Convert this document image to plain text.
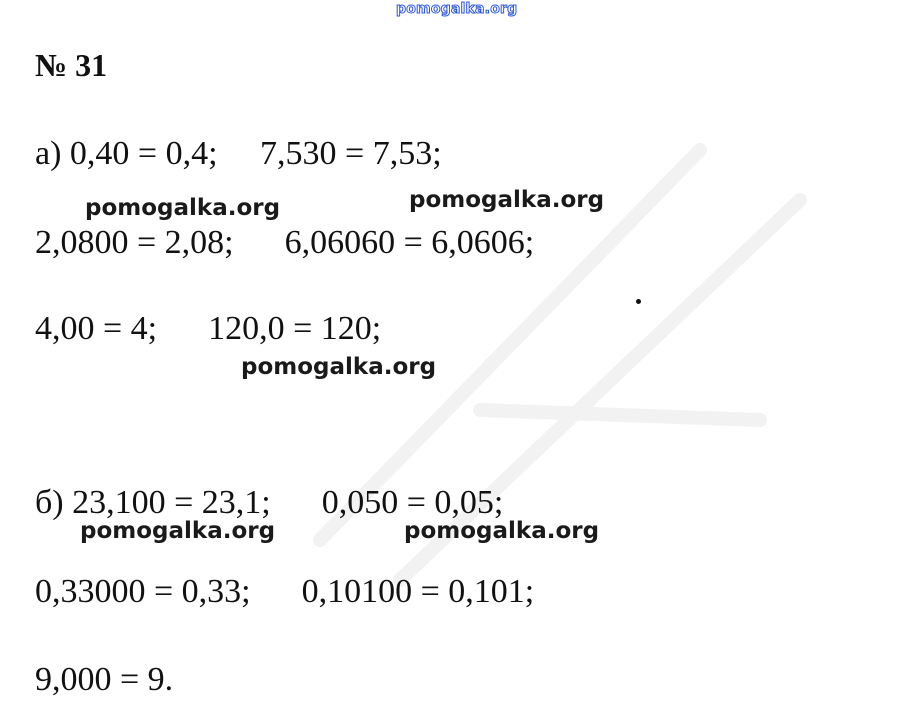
pomogalka.org
№ 31
а) 0,40 = 0,4;     7,530 = 7,53;
2,0800 = 2,08;      6,06060 = 6,0606;
4,00 = 4;      120,0 = 120;
б) 23,100 = 23,1;      0,050 = 0,05;
0,33000 = 0,33;      0,10100 = 0,101;
9,000 = 9.
pomogalka.org	pomogalka.org
pomogalka.org
pomogalka.org	pomogalka.org
